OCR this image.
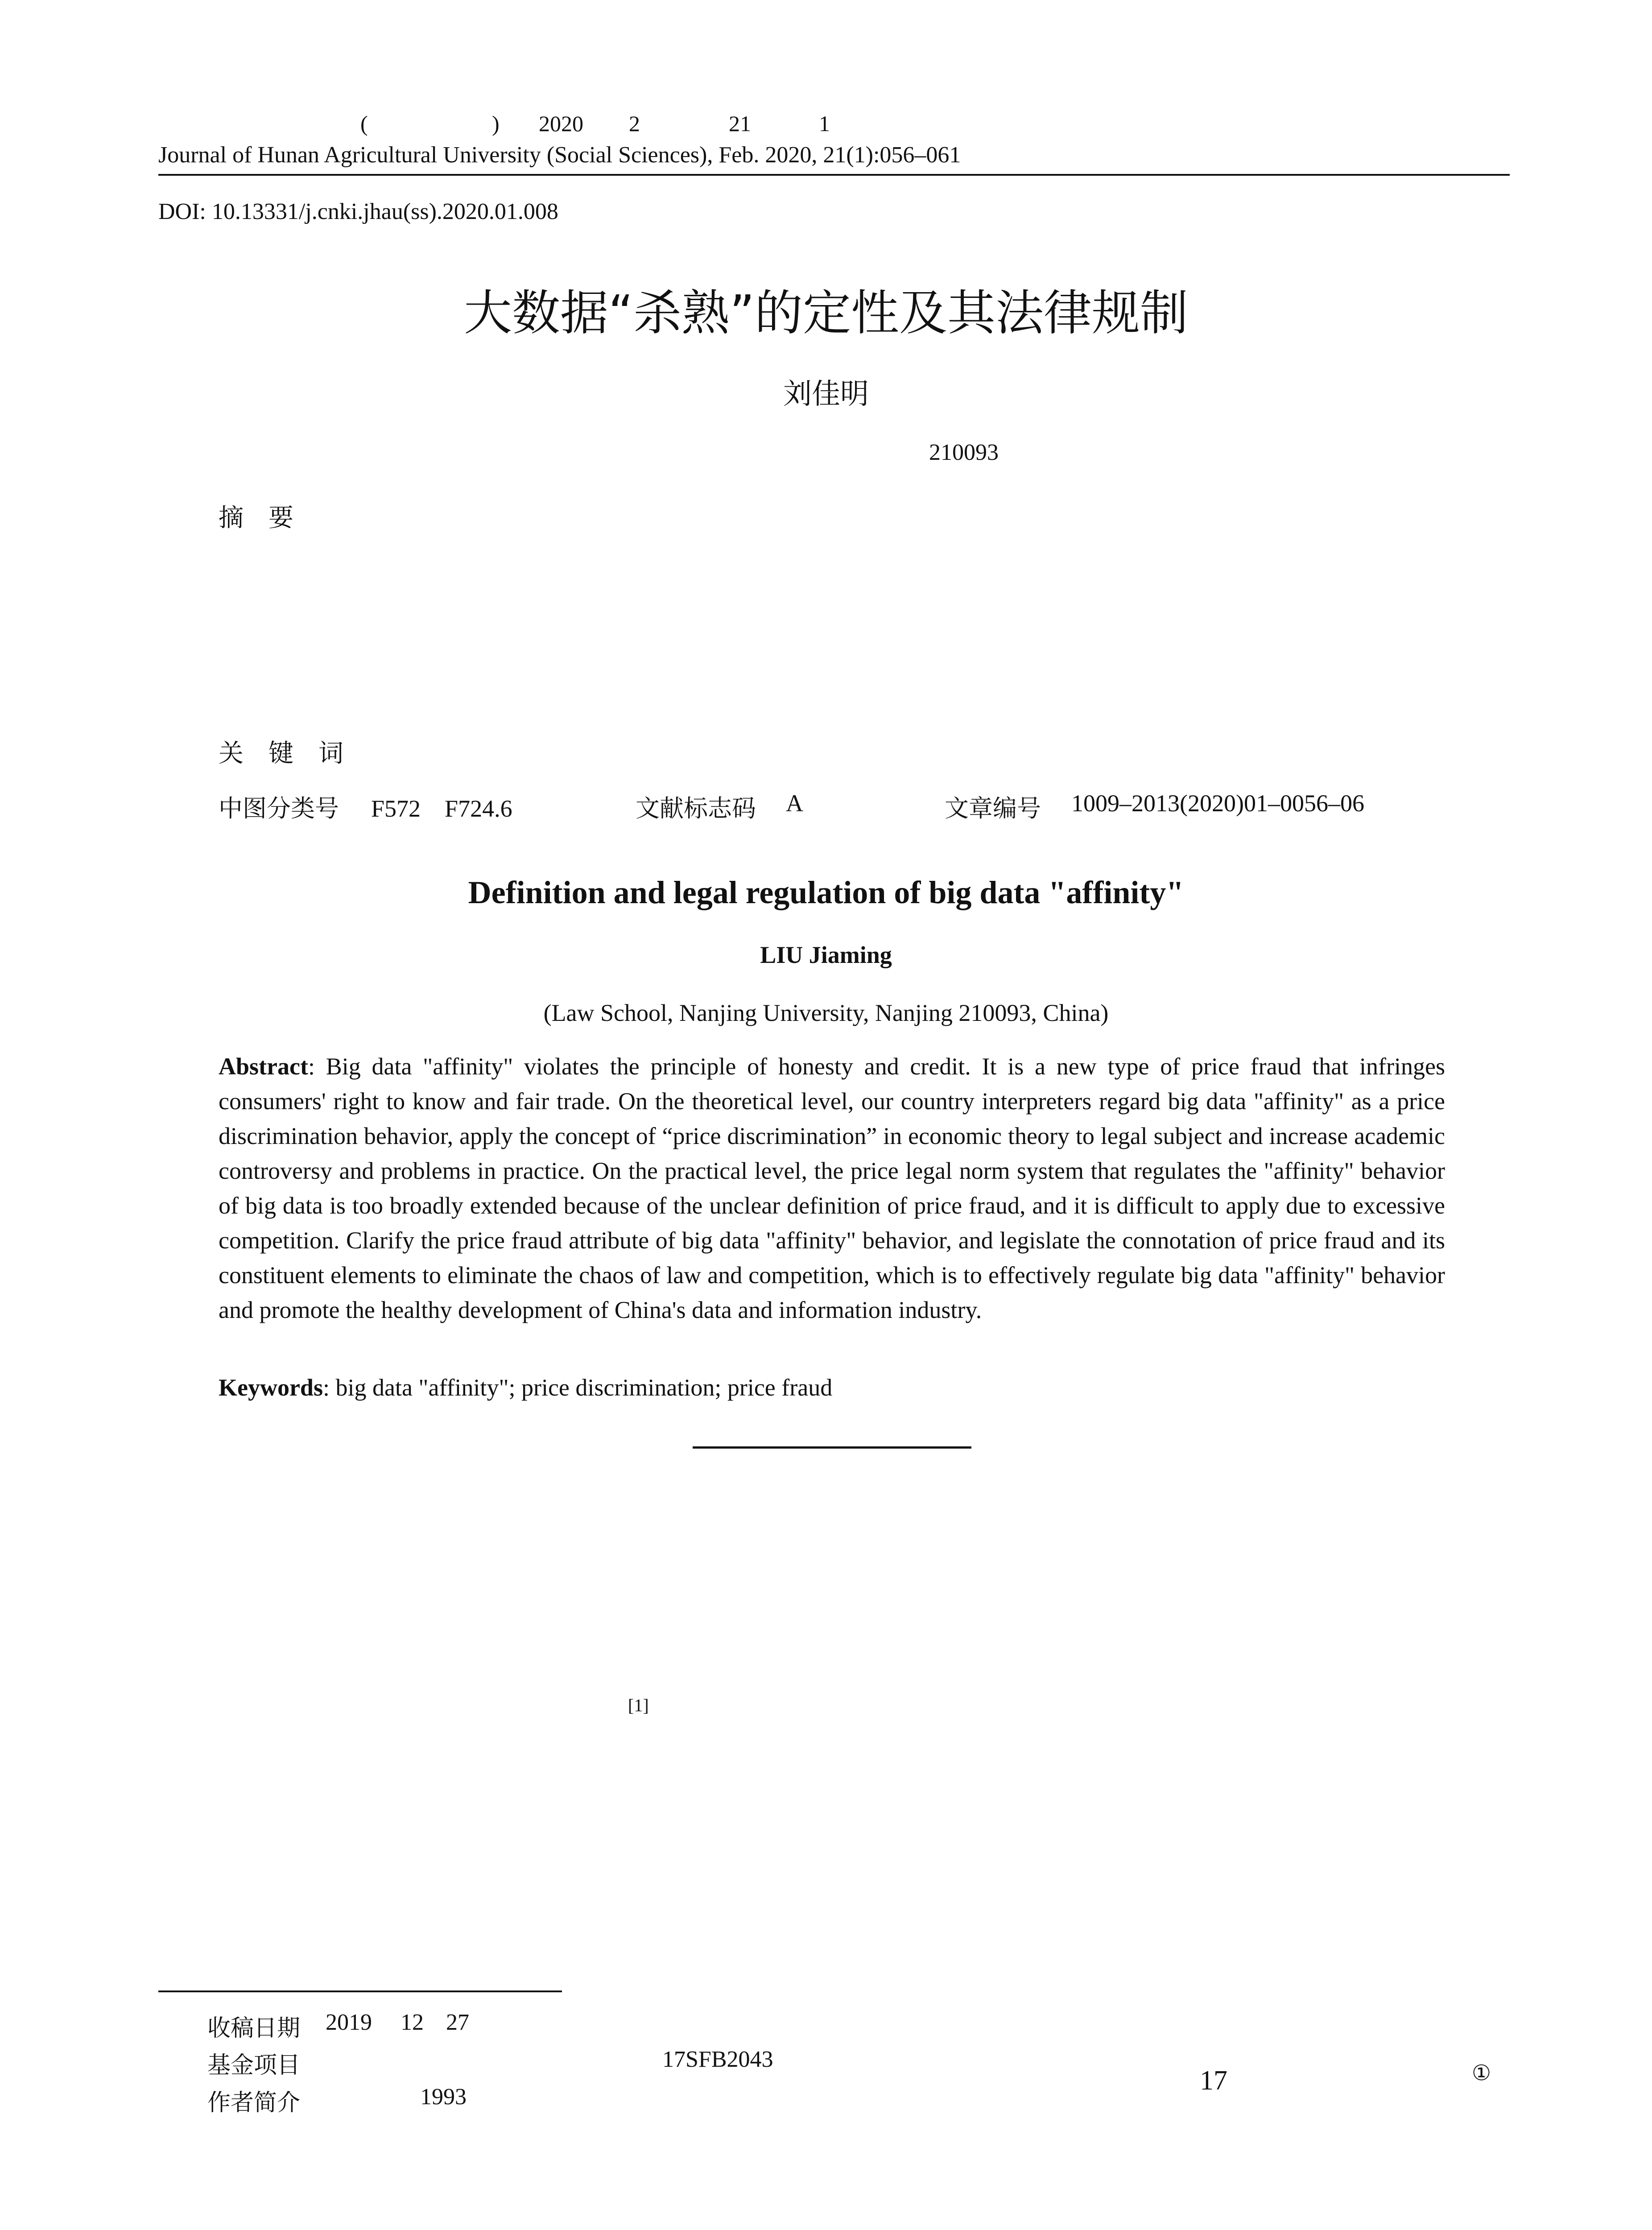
(	) 2020 2	21	1
Journal of Hunan Agricultural University (Social Sciences), Feb. 2020, 21(1):056–061
DOI: 10.13331/j.cnki.jhau(ss).2020.01.008
大数据“杀熟”的定性及其法律规制
刘佳明
210093
摘　要
关　键　词
中图分类号 F572　F724.6	文献标志码 A	文章编号 1009–2013(2020)01–0056–06
Definition and legal regulation of big data "affinity"
LIU Jiaming
(Law School, Nanjing University, Nanjing 210093, China)
Abstract: Big data "affinity" violates the principle of honesty and credit. It is a new type of price fraud that infringes consumers' right to know and fair trade. On the theoretical level, our country interpreters regard big data "affinity" as a price discrimination behavior, apply the concept of “price discrimination” in economic theory to legal subject and increase academic controversy and problems in practice. On the practical level, the price legal norm system that regulates the "affinity" behavior of big data is too broadly extended because of the unclear definition of price fraud, and it is difficult to apply due to excessive competition. Clarify the price fraud attribute of big data "affinity" behavior, and legislate the connotation of price fraud and its constituent elements to eliminate the chaos of law and competition, which is to effectively regulate big data "affinity" behavior and promote the healthy development of China's data and information industry.
Keywords: big data "affinity"; price discrimination; price fraud
[1]
收稿日期 2019 12 27
基金项目	17SFB2043
作者简介	1993
17	①
